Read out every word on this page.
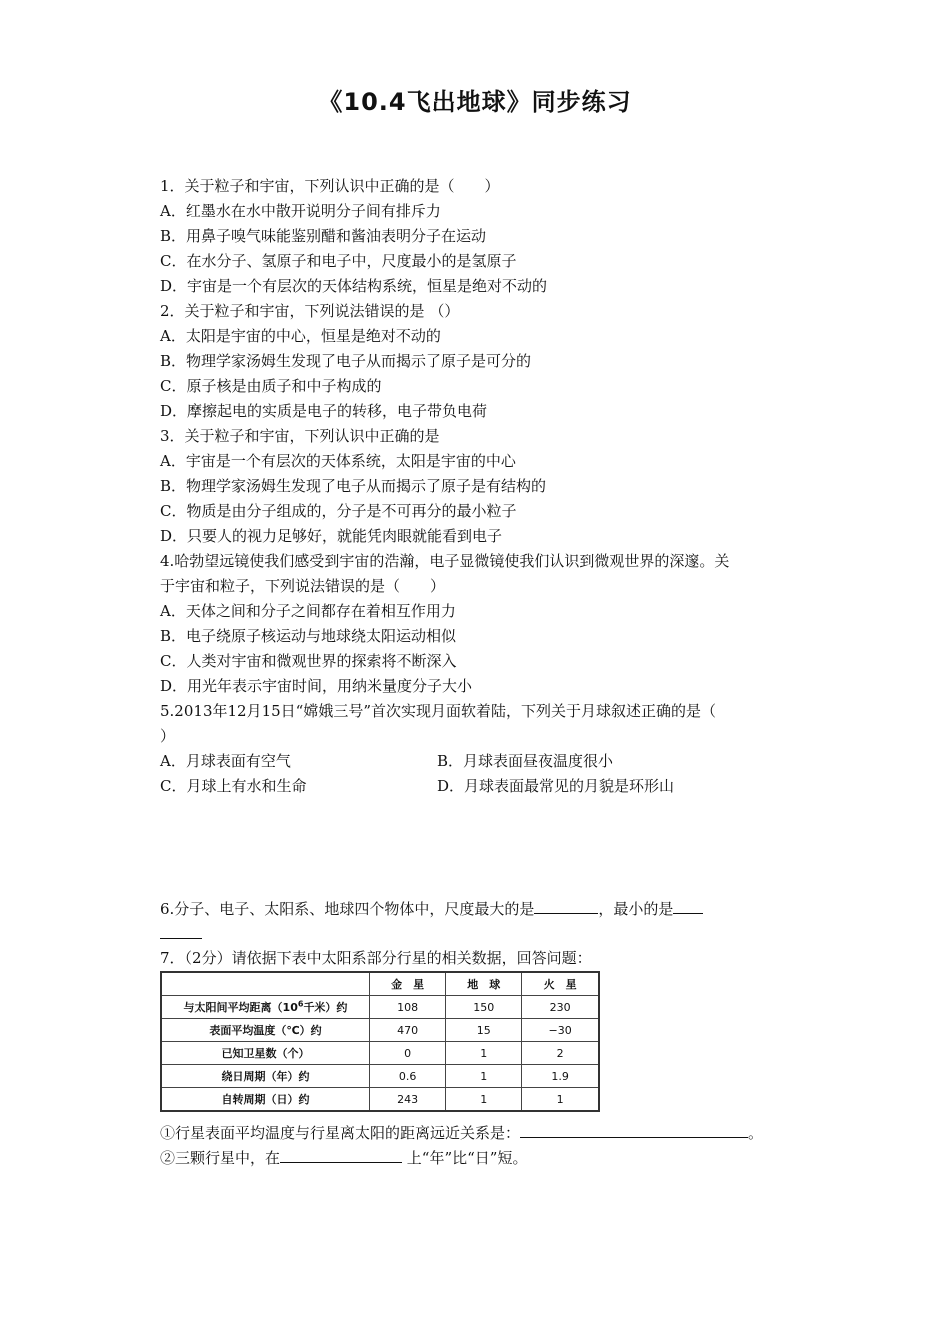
《10.4飞出地球》同步练习
1．关于粒子和宇宙，下列认识中正确的是（　　）
A．红墨水在水中散开说明分子间有排斥力
B．用鼻子嗅气味能鉴别醋和酱油表明分子在运动
C．在水分子、氢原子和电子中，尺度最小的是氢原子
D．宇宙是一个有层次的天体结构系统，恒星是绝对不动的
2．关于粒子和宇宙，下列说法错误的是 （）
A．太阳是宇宙的中心，恒星是绝对不动的
B．物理学家汤姆生发现了电子从而揭示了原子是可分的
C．原子核是由质子和中子构成的
D．摩擦起电的实质是电子的转移，电子带负电荷
3．关于粒子和宇宙，下列认识中正确的是
A．宇宙是一个有层次的天体系统，太阳是宇宙的中心
B．物理学家汤姆生发现了电子从而揭示了原子是有结构的
C．物质是由分子组成的，分子是不可再分的最小粒子
D．只要人的视力足够好，就能凭肉眼就能看到电子
4.哈勃望远镜使我们感受到宇宙的浩瀚，电子显微镜使我们认识到微观世界的深邃。关
于宇宙和粒子，下列说法错误的是（　　）
A．天体之间和分子之间都存在着相互作用力
B．电子绕原子核运动与地球绕太阳运动相似
C．人类对宇宙和微观世界的探索将不断深入
D．用光年表示宇宙时间，用纳米量度分子大小
5.2013年12月15日“嫦娥三号”首次实现月面软着陆，下列关于月球叙述正确的是（
）
A．月球表面有空气	B．月球表面昼夜温度很小
C．月球上有水和生命	D．月球表面最常见的月貌是环形山
6.分子、电子、太阳系、地球四个物体中，尺度最大的是	，最小的是

7．（2分）请依据下表中太阳系部分行星的相关数据，回答问题：
	金　星	地　球	火　星
与太阳间平均距离（$10^6$千米）约	108	150	230
表面平均温度（℃）约	470	15	−30
已知卫星数（个）	0	1	2
绕日周期（年）约	0.6	1	1.9
自转周期（日）约	243	1	1
①行星表面平均温度与行星离太阳的距离远近关系是：	。
②三颗行星中，在	上“年”比“日”短。
